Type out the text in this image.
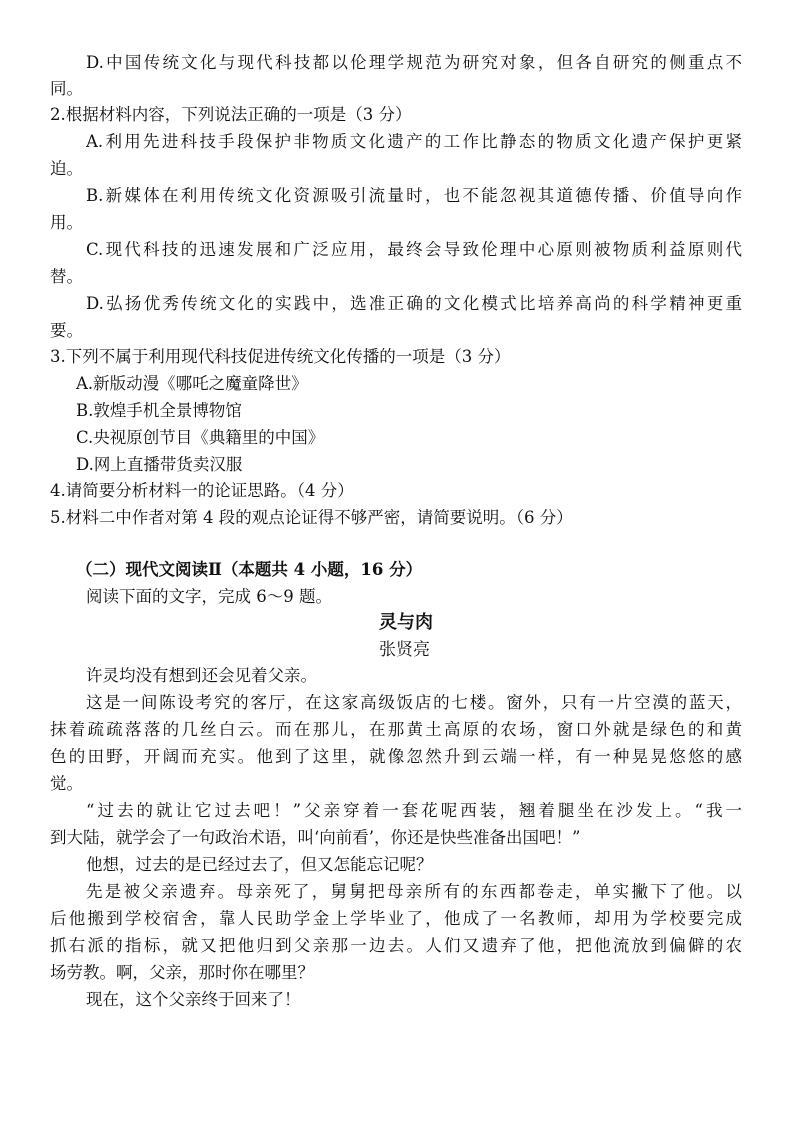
D.中国传统文化与现代科技都以伦理学规范为研究对象，但各自研究的侧重点不
同。
2.根据材料内容，下列说法正确的一项是（3 分）
A.利用先进科技手段保护非物质文化遗产的工作比静态的物质文化遗产保护更紧
迫。
B.新媒体在利用传统文化资源吸引流量时，也不能忽视其道德传播、价值导向作
用。
C.现代科技的迅速发展和广泛应用，最终会导致伦理中心原则被物质利益原则代
替。
D.弘扬优秀传统文化的实践中，选准正确的文化模式比培养高尚的科学精神更重
要。
3.下列不属于利用现代科技促进传统文化传播的一项是（3 分）
A.新版动漫《哪吒之魔童降世》
B.敦煌手机全景博物馆
C.央视原创节目《典籍里的中国》
D.网上直播带货卖汉服
4.请简要分析材料一的论证思路。（4 分）
5.材料二中作者对第 4 段的观点论证得不够严密，请简要说明。（6 分）
（二）现代文阅读Ⅱ（本题共 4 小题，16 分）
阅读下面的文字，完成 6～9 题。
灵与肉
张贤亮
许灵均没有想到还会见着父亲。
这是一间陈设考究的客厅，在这家高级饭店的七楼。窗外，只有一片空漠的蓝天，
抹着疏疏落落的几丝白云。而在那儿，在那黄土高原的农场，窗口外就是绿色的和黄
色的田野，开阔而充实。他到了这里，就像忽然升到云端一样，有一种晃晃悠悠的感
觉。
“过去的就让它过去吧！”父亲穿着一套花呢西装，翘着腿坐在沙发上。“我一
到大陆，就学会了一句政治术语，叫‘向前看’，你还是快些准备出国吧！”
他想，过去的是已经过去了，但又怎能忘记呢？
先是被父亲遗弃。母亲死了，舅舅把母亲所有的东西都卷走，单实撇下了他。以
后他搬到学校宿舍，靠人民助学金上学毕业了，他成了一名教师，却用为学校要完成
抓右派的指标，就又把他归到父亲那一边去。人们又遗弃了他，把他流放到偏僻的农
场劳教。啊，父亲，那时你在哪里？
现在，这个父亲终于回来了！
